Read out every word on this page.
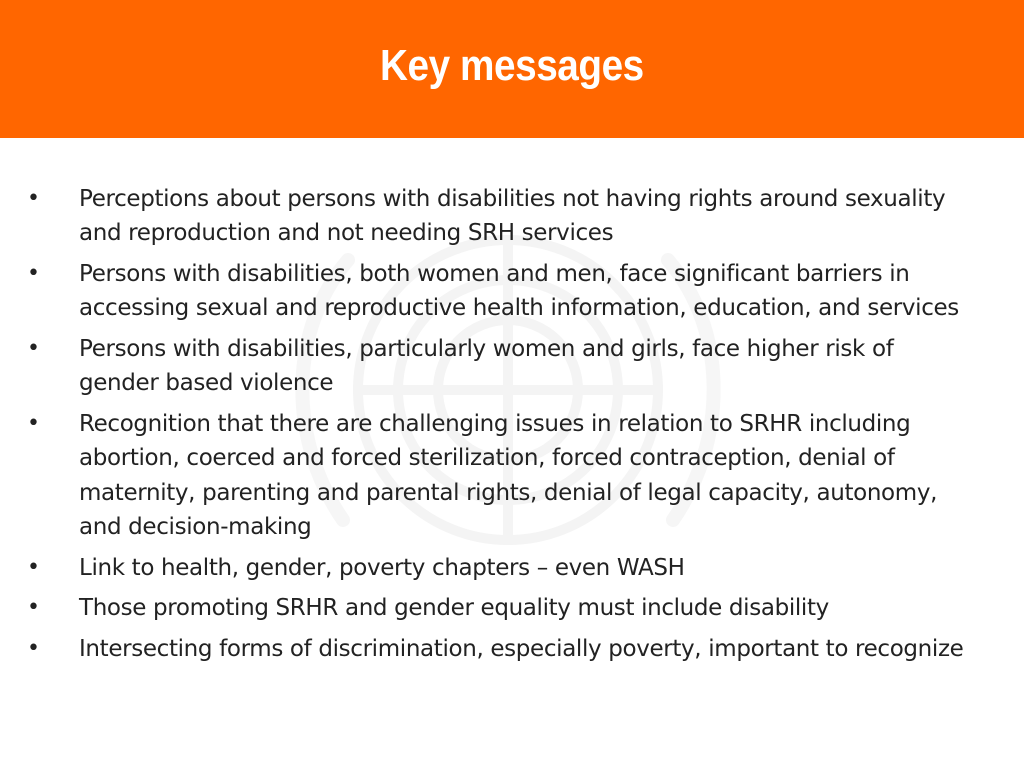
Key messages
• Perceptions about persons with disabilities not having rights around sexuality and reproduction and not needing SRH services
• Persons with disabilities, both women and men, face significant barriers in accessing sexual and reproductive health information, education, and services
• Persons with disabilities, particularly women and girls, face higher risk of gender based violence
• Recognition that there are challenging issues in relation to SRHR including abortion, coerced and forced sterilization, forced contraception, denial of maternity, parenting and parental rights, denial of legal capacity, autonomy, and decision-making
• Link to health, gender, poverty chapters – even WASH
• Those promoting SRHR and gender equality must include disability
• Intersecting forms of discrimination, especially poverty, important to recognize
